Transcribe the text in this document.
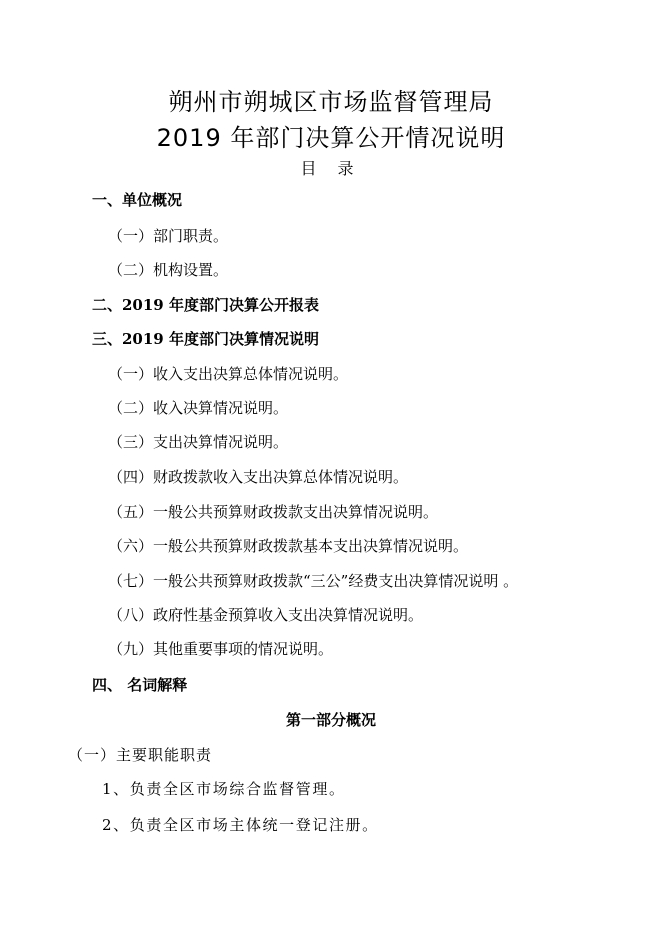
朔州市朔城区市场监督管理局
2019 年部门决算公开情况说明
目 录
一、单位概况
（一）部门职责。
（二）机构设置。
二、2019 年度部门决算公开报表
三、2019 年度部门决算情况说明
（一）收入支出决算总体情况说明。
（二）收入决算情况说明。
（三）支出决算情况说明。
（四）财政拨款收入支出决算总体情况说明。
（五）一般公共预算财政拨款支出决算情况说明。
（六）一般公共预算财政拨款基本支出决算情况说明。
（七）一般公共预算财政拨款“三公”经费支出决算情况说明 。
（八）政府性基金预算收入支出决算情况说明。
（九）其他重要事项的情况说明。
四、 名词解释
第一部分概况
（一）主要职能职责
1、负责全区市场综合监督管理。
2、负责全区市场主体统一登记注册。
